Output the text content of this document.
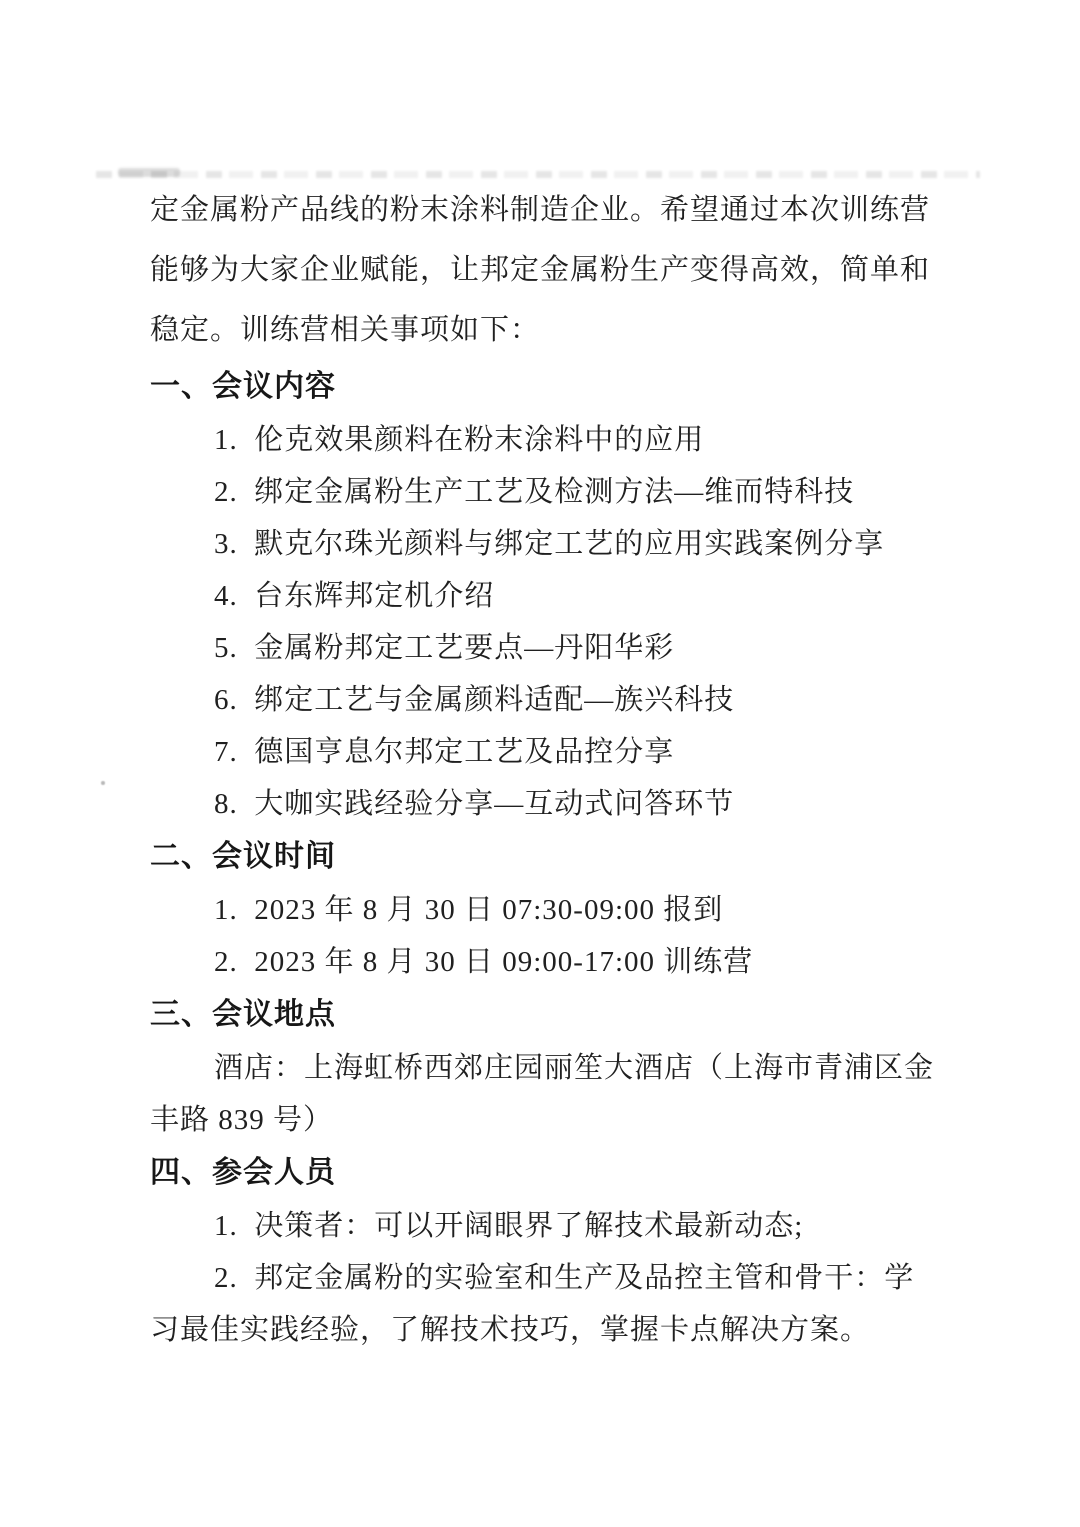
定金属粉产品线的粉末涂料制造企业。希望通过本次训练营

能够为大家企业赋能，让邦定金属粉生产变得高效，简单和

稳定。训练营相关事项如下：

一、会议内容

1.  伦克效果颜料在粉末涂料中的应用

2.  绑定金属粉生产工艺及检测方法—维而特科技

3.  默克尔珠光颜料与绑定工艺的应用实践案例分享

4.  台东辉邦定机介绍

5.  金属粉邦定工艺要点—丹阳华彩

6.  绑定工艺与金属颜料适配—族兴科技

7.  德国亨息尔邦定工艺及品控分享

8.  大咖实践经验分享—互动式问答环节

二、会议时间

1.  2023 年 8 月 30 日 07:30-09:00 报到

2.  2023 年 8 月 30 日 09:00-17:00 训练营

三、会议地点

酒店：上海虹桥西郊庄园丽笙大酒店（上海市青浦区金

丰路 839 号）

四、参会人员

1.  决策者：可以开阔眼界了解技术最新动态;

2.  邦定金属粉的实验室和生产及品控主管和骨干：学

习最佳实践经验，了解技术技巧，掌握卡点解决方案。
